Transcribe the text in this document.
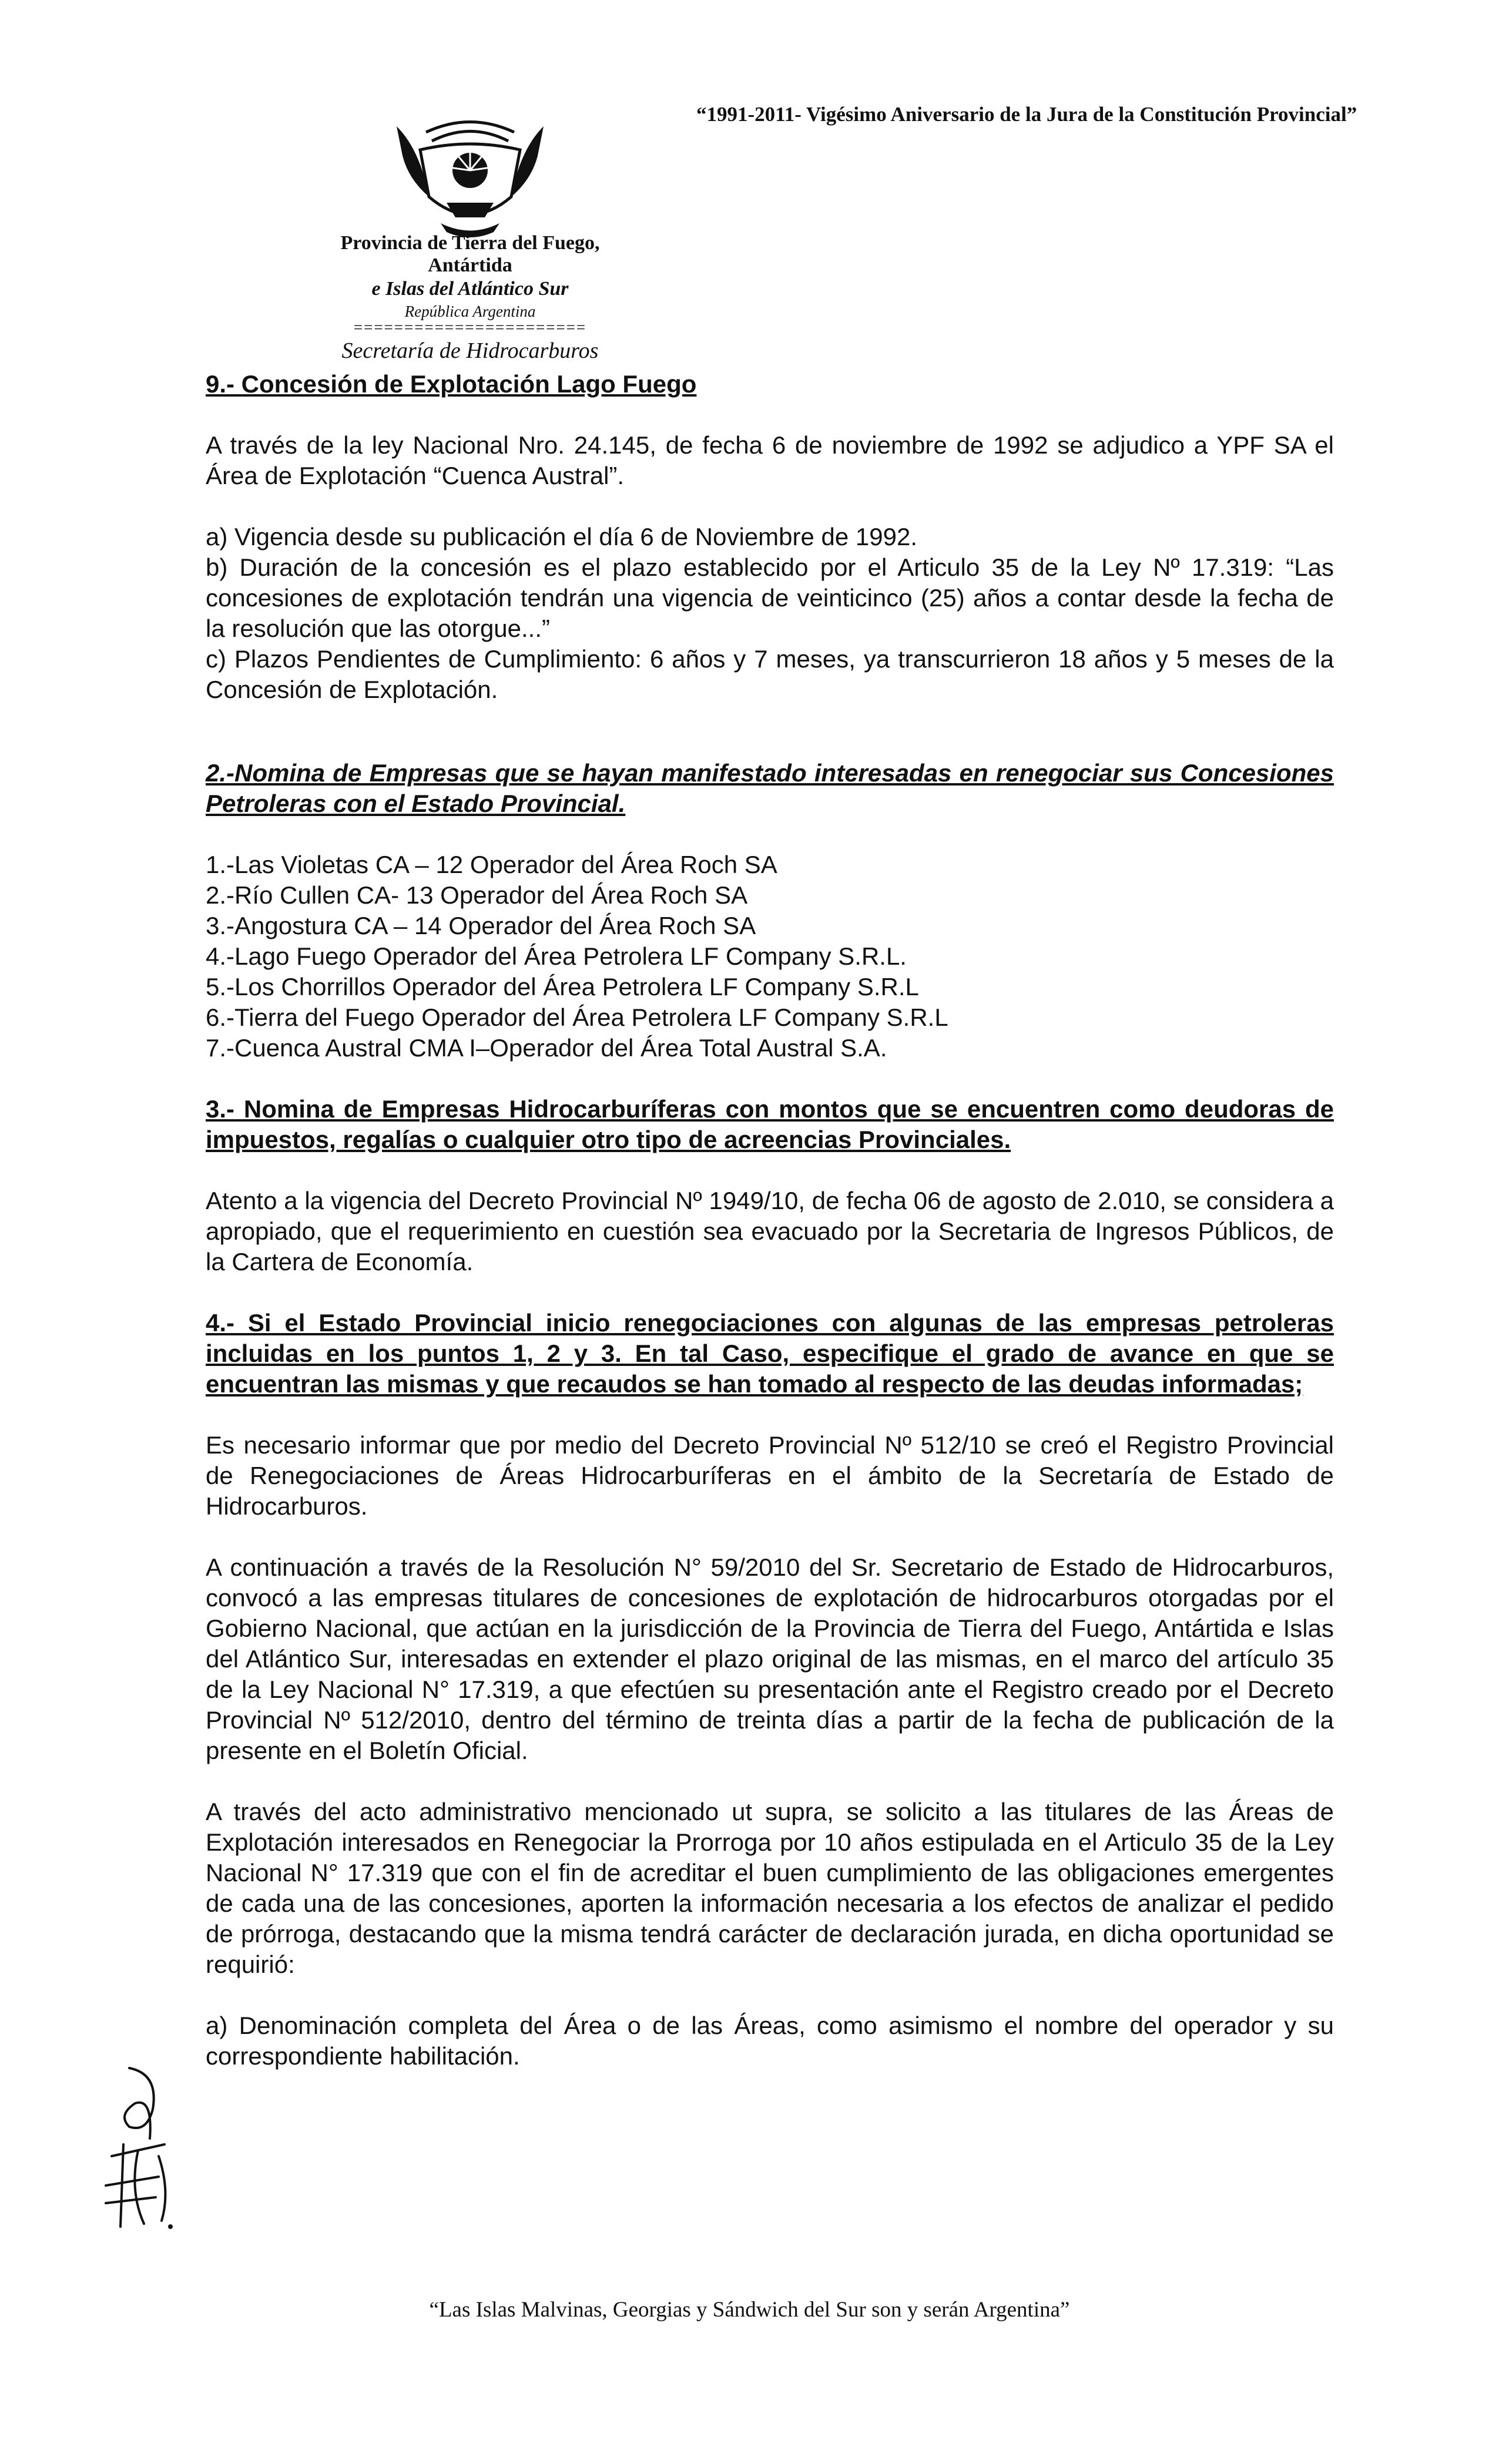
“1991-2011- Vigésimo Aniversario de la Jura de la Constitución Provincial”
Provincia de Tierra del Fuego, Antártida
e Islas del Atlántico Sur
República Argentina
=======================
Secretaría de Hidrocarburos

9.- Concesión de Explotación Lago Fuego

A través de la ley Nacional Nro. 24.145, de fecha 6 de noviembre de 1992 se adjudico a YPF SA el Área de Explotación “Cuenca Austral”.

a) Vigencia desde su publicación el día 6 de Noviembre de 1992.

b) Duración de la concesión es el plazo establecido por el Articulo 35 de la Ley Nº 17.319: “Las concesiones de explotación tendrán una vigencia de veinticinco (25) años a contar desde la fecha de la resolución que las otorgue...”

c) Plazos Pendientes de Cumplimiento: 6 años y 7 meses, ya transcurrieron 18 años y 5 meses de la Concesión de Explotación.

2.-Nomina de Empresas que se hayan manifestado interesadas en renegociar sus Concesiones Petroleras con el Estado Provincial.

1.-Las Violetas CA – 12 Operador del Área Roch SA

2.-Río Cullen CA- 13 Operador del Área Roch SA

3.-Angostura CA – 14 Operador del Área Roch SA

4.-Lago Fuego Operador del Área Petrolera LF Company S.R.L.

5.-Los Chorrillos Operador del Área Petrolera LF Company S.R.L

6.-Tierra del Fuego Operador del Área Petrolera LF Company S.R.L

7.-Cuenca Austral CMA I–Operador del Área Total Austral S.A.

3.- Nomina de Empresas Hidrocarburíferas con montos que se encuentren como deudoras de impuestos, regalías o cualquier otro tipo de acreencias Provinciales.

Atento a la vigencia del Decreto Provincial Nº 1949/10, de fecha 06 de agosto de 2.010, se considera a apropiado, que el requerimiento en cuestión sea evacuado por la Secretaria de Ingresos Públicos, de la Cartera de Economía.

4.- Si el Estado Provincial inicio renegociaciones con algunas de las empresas petroleras incluidas en los puntos 1, 2 y 3. En tal Caso, especifique el grado de avance en que se encuentran las mismas y que recaudos se han tomado al respecto de las deudas informadas;

Es necesario informar que por medio del Decreto Provincial Nº 512/10 se creó el Registro Provincial de Renegociaciones de Áreas Hidrocarburíferas en el ámbito de la Secretaría de Estado de Hidrocarburos.

A continuación a través de la Resolución N° 59/2010 del Sr. Secretario de Estado de Hidrocarburos, convocó a las empresas titulares de concesiones de explotación de hidrocarburos otorgadas por el Gobierno Nacional, que actúan en la jurisdicción de la Provincia de Tierra del Fuego, Antártida e Islas del Atlántico Sur, interesadas en extender el plazo original de las mismas, en el marco del artículo 35 de la Ley Nacional N° 17.319, a que efectúen su presentación ante el Registro creado por el Decreto Provincial Nº 512/2010, dentro del término de treinta días a partir de la fecha de publicación de la presente en el Boletín Oficial.

A través del acto administrativo mencionado ut supra, se solicito a las titulares de las Áreas de Explotación interesados en Renegociar la Prorroga por 10 años estipulada en el Articulo 35 de la Ley Nacional N° 17.319 que con el fin de acreditar el buen cumplimiento de las obligaciones emergentes de cada una de las concesiones, aporten la información necesaria a los efectos de analizar el pedido de prórroga, destacando que la misma tendrá carácter de declaración jurada, en dicha oportunidad se requirió:

a) Denominación completa del Área o de las Áreas, como asimismo el nombre del operador y su correspondiente habilitación.

“Las Islas Malvinas, Georgias y Sándwich del Sur son y serán Argentina”
